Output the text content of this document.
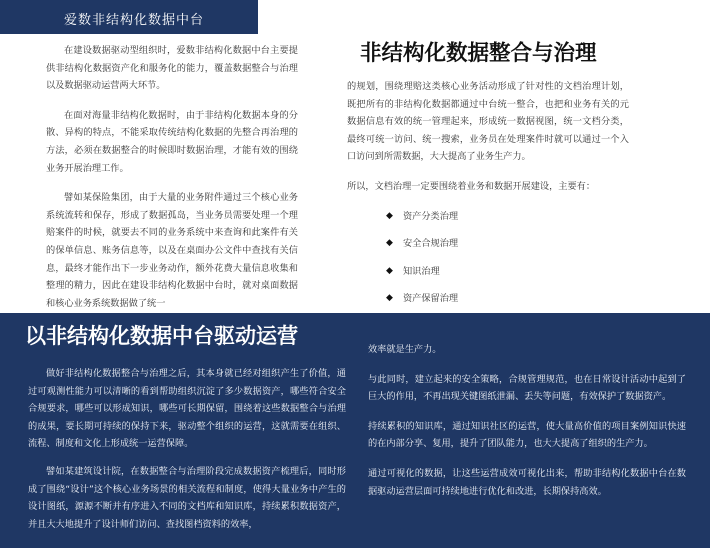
爱数非结构化数据中台

在建设数据驱动型组织时，爱数非结构化数据中台主要提供非结构化数据资产化和服务化的能力，覆盖数据整合与治理以及数据驱动运营两大环节。

在面对海量非结构化数据时，由于非结构化数据本身的分散、异构的特点，不能采取传统结构化数据的先整合再治理的方法，必须在数据整合的时候即时数据治理，才能有效的围绕业务开展治理工作。

譬如某保险集团，由于大量的业务附件通过三个核心业务系统流转和保存，形成了数据孤岛，当业务员需要处理一个理赔案件的时候，就要去不同的业务系统中来查询和此案件有关的保单信息、账务信息等，以及在桌面办公文件中查找有关信息，最终才能作出下一步业务动作，额外花费大量信息收集和整理的精力，因此在建设非结构化数据中台时，就对桌面数据和核心业务系统数据做了统一

非结构化数据整合与治理

的规划，围绕理赔这类核心业务活动形成了针对性的文档治理计划，既把所有的非结构化数据都通过中台统一整合，也把和业务有关的元数据信息有效的统一管理起来，形成统一数据视图，统一文档分类，最终可统一访问、统一搜索，业务员在处理案件时就可以通过一个入口访问到所需数据，大大提高了业务生产力。

所以，文档治理一定要围绕着业务和数据开展建设，主要有：

◆ 资产分类治理
◆ 安全合规治理
◆ 知识治理
◆ 资产保留治理
以非结构化数据中台驱动运营

做好非结构化数据整合与治理之后，其本身就已经对组织产生了价值，通过可观测性能力可以清晰的看到帮助组织沉淀了多少数据资产，哪些符合安全合规要求，哪些可以形成知识，哪些可长期保留，围绕着这些数据整合与治理的成果，要长期可持续的保持下来，驱动整个组织的运营，这就需要在组织、流程、制度和文化上形成统一运营保障。

譬如某建筑设计院，在数据整合与治理阶段完成数据资产梳理后，同时形成了围绕“设计”这个核心业务场景的相关流程和制度，使得大量业务中产生的设计图纸，源源不断并有序进入不同的文档库和知识库，持续累积数据资产，并且大大地提升了设计师们访问、查找图档资料的效率，

效率就是生产力。

与此同时，建立起来的安全策略，合规管理规范，也在日常设计活动中起到了巨大的作用，不再出现关键图纸泄漏、丢失等问题，有效保护了数据资产。

持续累积的知识库，通过知识社区的运营，使大量高价值的项目案例知识快速的在内部分享、复用，提升了团队能力，也大大提高了组织的生产力。

通过可视化的数据，让这些运营成效可视化出来，帮助非结构化数据中台在数据驱动运营层面可持续地进行优化和改进，长期保持高效。
